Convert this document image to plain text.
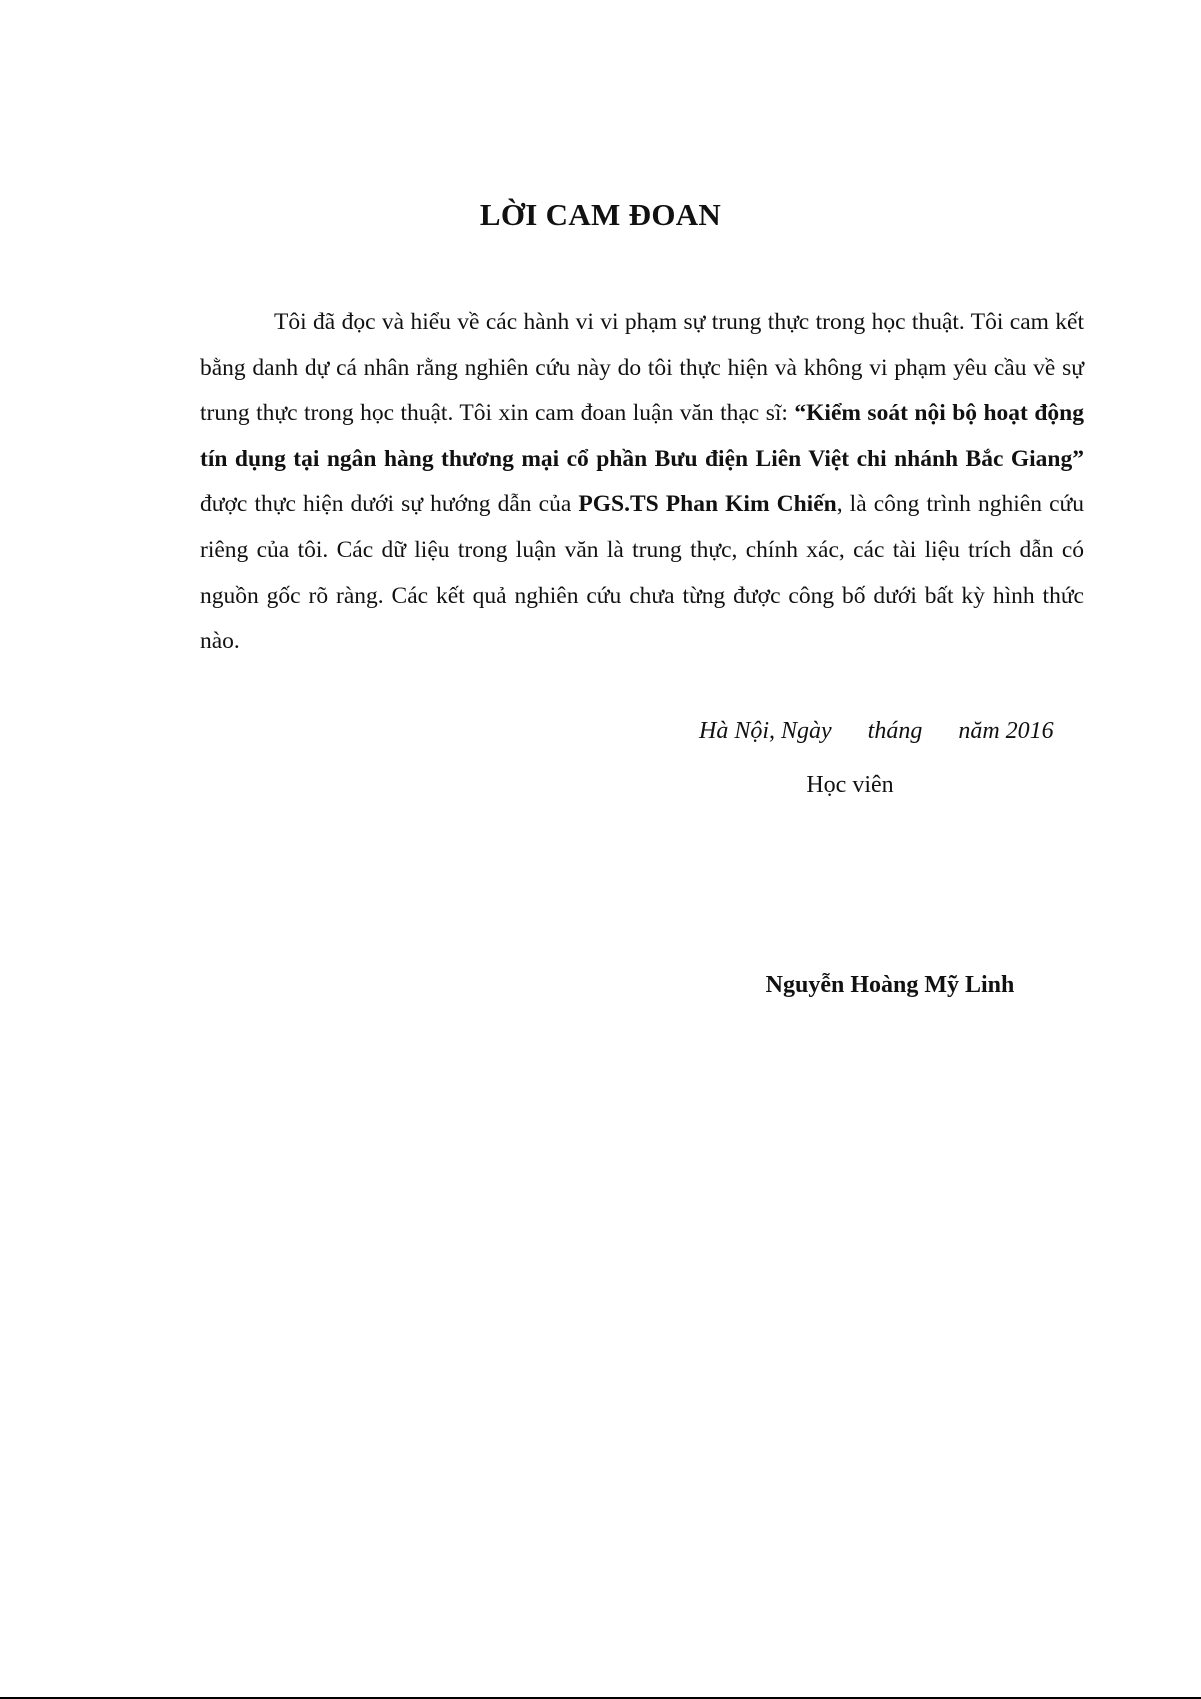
LỜI CAM ĐOAN

Tôi đã đọc và hiểu về các hành vi vi phạm sự trung thực trong học thuật. Tôi cam kết bằng danh dự cá nhân rằng nghiên cứu này do tôi thực hiện và không vi phạm yêu cầu về sự trung thực trong học thuật. Tôi xin cam đoan luận văn thạc sĩ: “Kiểm soát nội bộ hoạt động tín dụng tại ngân hàng thương mại cổ phần Bưu điện Liên Việt chi nhánh Bắc Giang” được thực hiện dưới sự hướng dẫn của PGS.TS Phan Kim Chiến, là công trình nghiên cứu riêng của tôi. Các dữ liệu trong luận văn là trung thực, chính xác, các tài liệu trích dẫn có nguồn gốc rõ ràng. Các kết quả nghiên cứu chưa từng được công bố dưới bất kỳ hình thức nào.

Hà Nội, Ngày      tháng      năm 2016
Học viên
Nguyễn Hoàng Mỹ Linh
